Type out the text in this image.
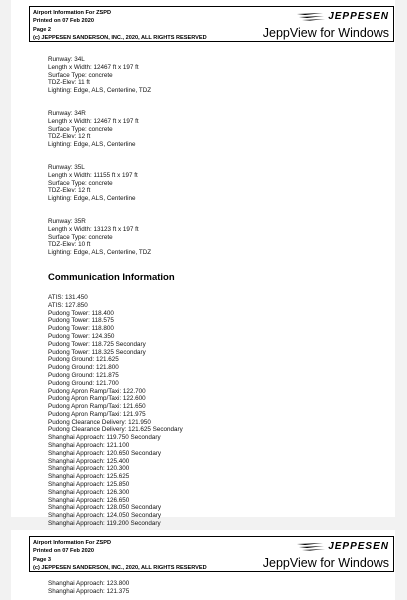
Airport Information For ZSPD
Printed on 07 Feb 2020
Page 2
(c) JEPPESEN SANDERSON, INC., 2020, ALL RIGHTS RESERVED
JEPPESEN
JeppView for Windows
Runway: 34L
Length x Width: 12467 ft x 197 ft
Surface Type: concrete
TDZ-Elev: 11 ft
Lighting: Edge, ALS, Centerline, TDZ
Runway: 34R
Length x Width: 12467 ft x 197 ft
Surface Type: concrete
TDZ-Elev: 12 ft
Lighting: Edge, ALS, Centerline
Runway: 35L
Length x Width: 11155 ft x 197 ft
Surface Type: concrete
TDZ-Elev: 12 ft
Lighting: Edge, ALS, Centerline
Runway: 35R
Length x Width: 13123 ft x 197 ft
Surface Type: concrete
TDZ-Elev: 10 ft
Lighting: Edge, ALS, Centerline, TDZ
Communication Information
ATIS: 131.450
ATIS: 127.850
Pudong Tower: 118.400
Pudong Tower: 118.575
Pudong Tower: 118.800
Pudong Tower: 124.350
Pudong Tower: 118.725 Secondary
Pudong Tower: 118.325 Secondary
Pudong Ground: 121.625
Pudong Ground: 121.800
Pudong Ground: 121.875
Pudong Ground: 121.700
Pudong Apron Ramp/Taxi: 122.700
Pudong Apron Ramp/Taxi: 122.600
Pudong Apron Ramp/Taxi: 121.650
Pudong Apron Ramp/Taxi: 121.975
Pudong Clearance Delivery: 121.950
Pudong Clearance Delivery: 121.625 Secondary
Shanghai Approach: 119.750 Secondary
Shanghai Approach: 121.100
Shanghai Approach: 120.650 Secondary
Shanghai Approach: 125.400
Shanghai Approach: 120.300
Shanghai Approach: 125.625
Shanghai Approach: 125.850
Shanghai Approach: 126.300
Shanghai Approach: 126.650
Shanghai Approach: 128.050 Secondary
Shanghai Approach: 124.050 Secondary
Shanghai Approach: 119.200 Secondary
Airport Information For ZSPD
Printed on 07 Feb 2020
Page 3
(c) JEPPESEN SANDERSON, INC., 2020, ALL RIGHTS RESERVED
JEPPESEN
JeppView for Windows
Shanghai Approach: 123.800
Shanghai Approach: 121.375
